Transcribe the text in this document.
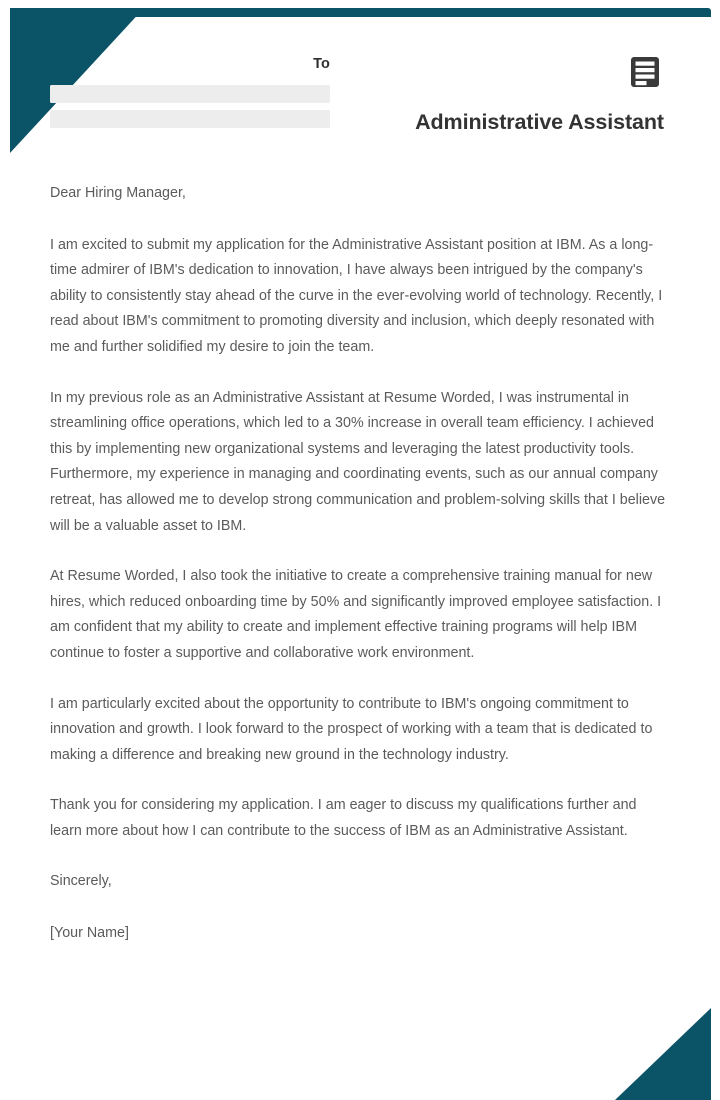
To
Administrative Assistant

Dear Hiring Manager,

I am excited to submit my application for the Administrative Assistant position at IBM. As a long-time admirer of IBM's dedication to innovation, I have always been intrigued by the company's ability to consistently stay ahead of the curve in the ever-evolving world of technology. Recently, I read about IBM's commitment to promoting diversity and inclusion, which deeply resonated with me and further solidified my desire to join the team.

In my previous role as an Administrative Assistant at Resume Worded, I was instrumental in streamlining office operations, which led to a 30% increase in overall team efficiency. I achieved this by implementing new organizational systems and leveraging the latest productivity tools. Furthermore, my experience in managing and coordinating events, such as our annual company retreat, has allowed me to develop strong communication and problem-solving skills that I believe will be a valuable asset to IBM.

At Resume Worded, I also took the initiative to create a comprehensive training manual for new hires, which reduced onboarding time by 50% and significantly improved employee satisfaction. I am confident that my ability to create and implement effective training programs will help IBM continue to foster a supportive and collaborative work environment.

I am particularly excited about the opportunity to contribute to IBM's ongoing commitment to innovation and growth. I look forward to the prospect of working with a team that is dedicated to making a difference and breaking new ground in the technology industry.

Thank you for considering my application. I am eager to discuss my qualifications further and learn more about how I can contribute to the success of IBM as an Administrative Assistant.

Sincerely,

[Your Name]
